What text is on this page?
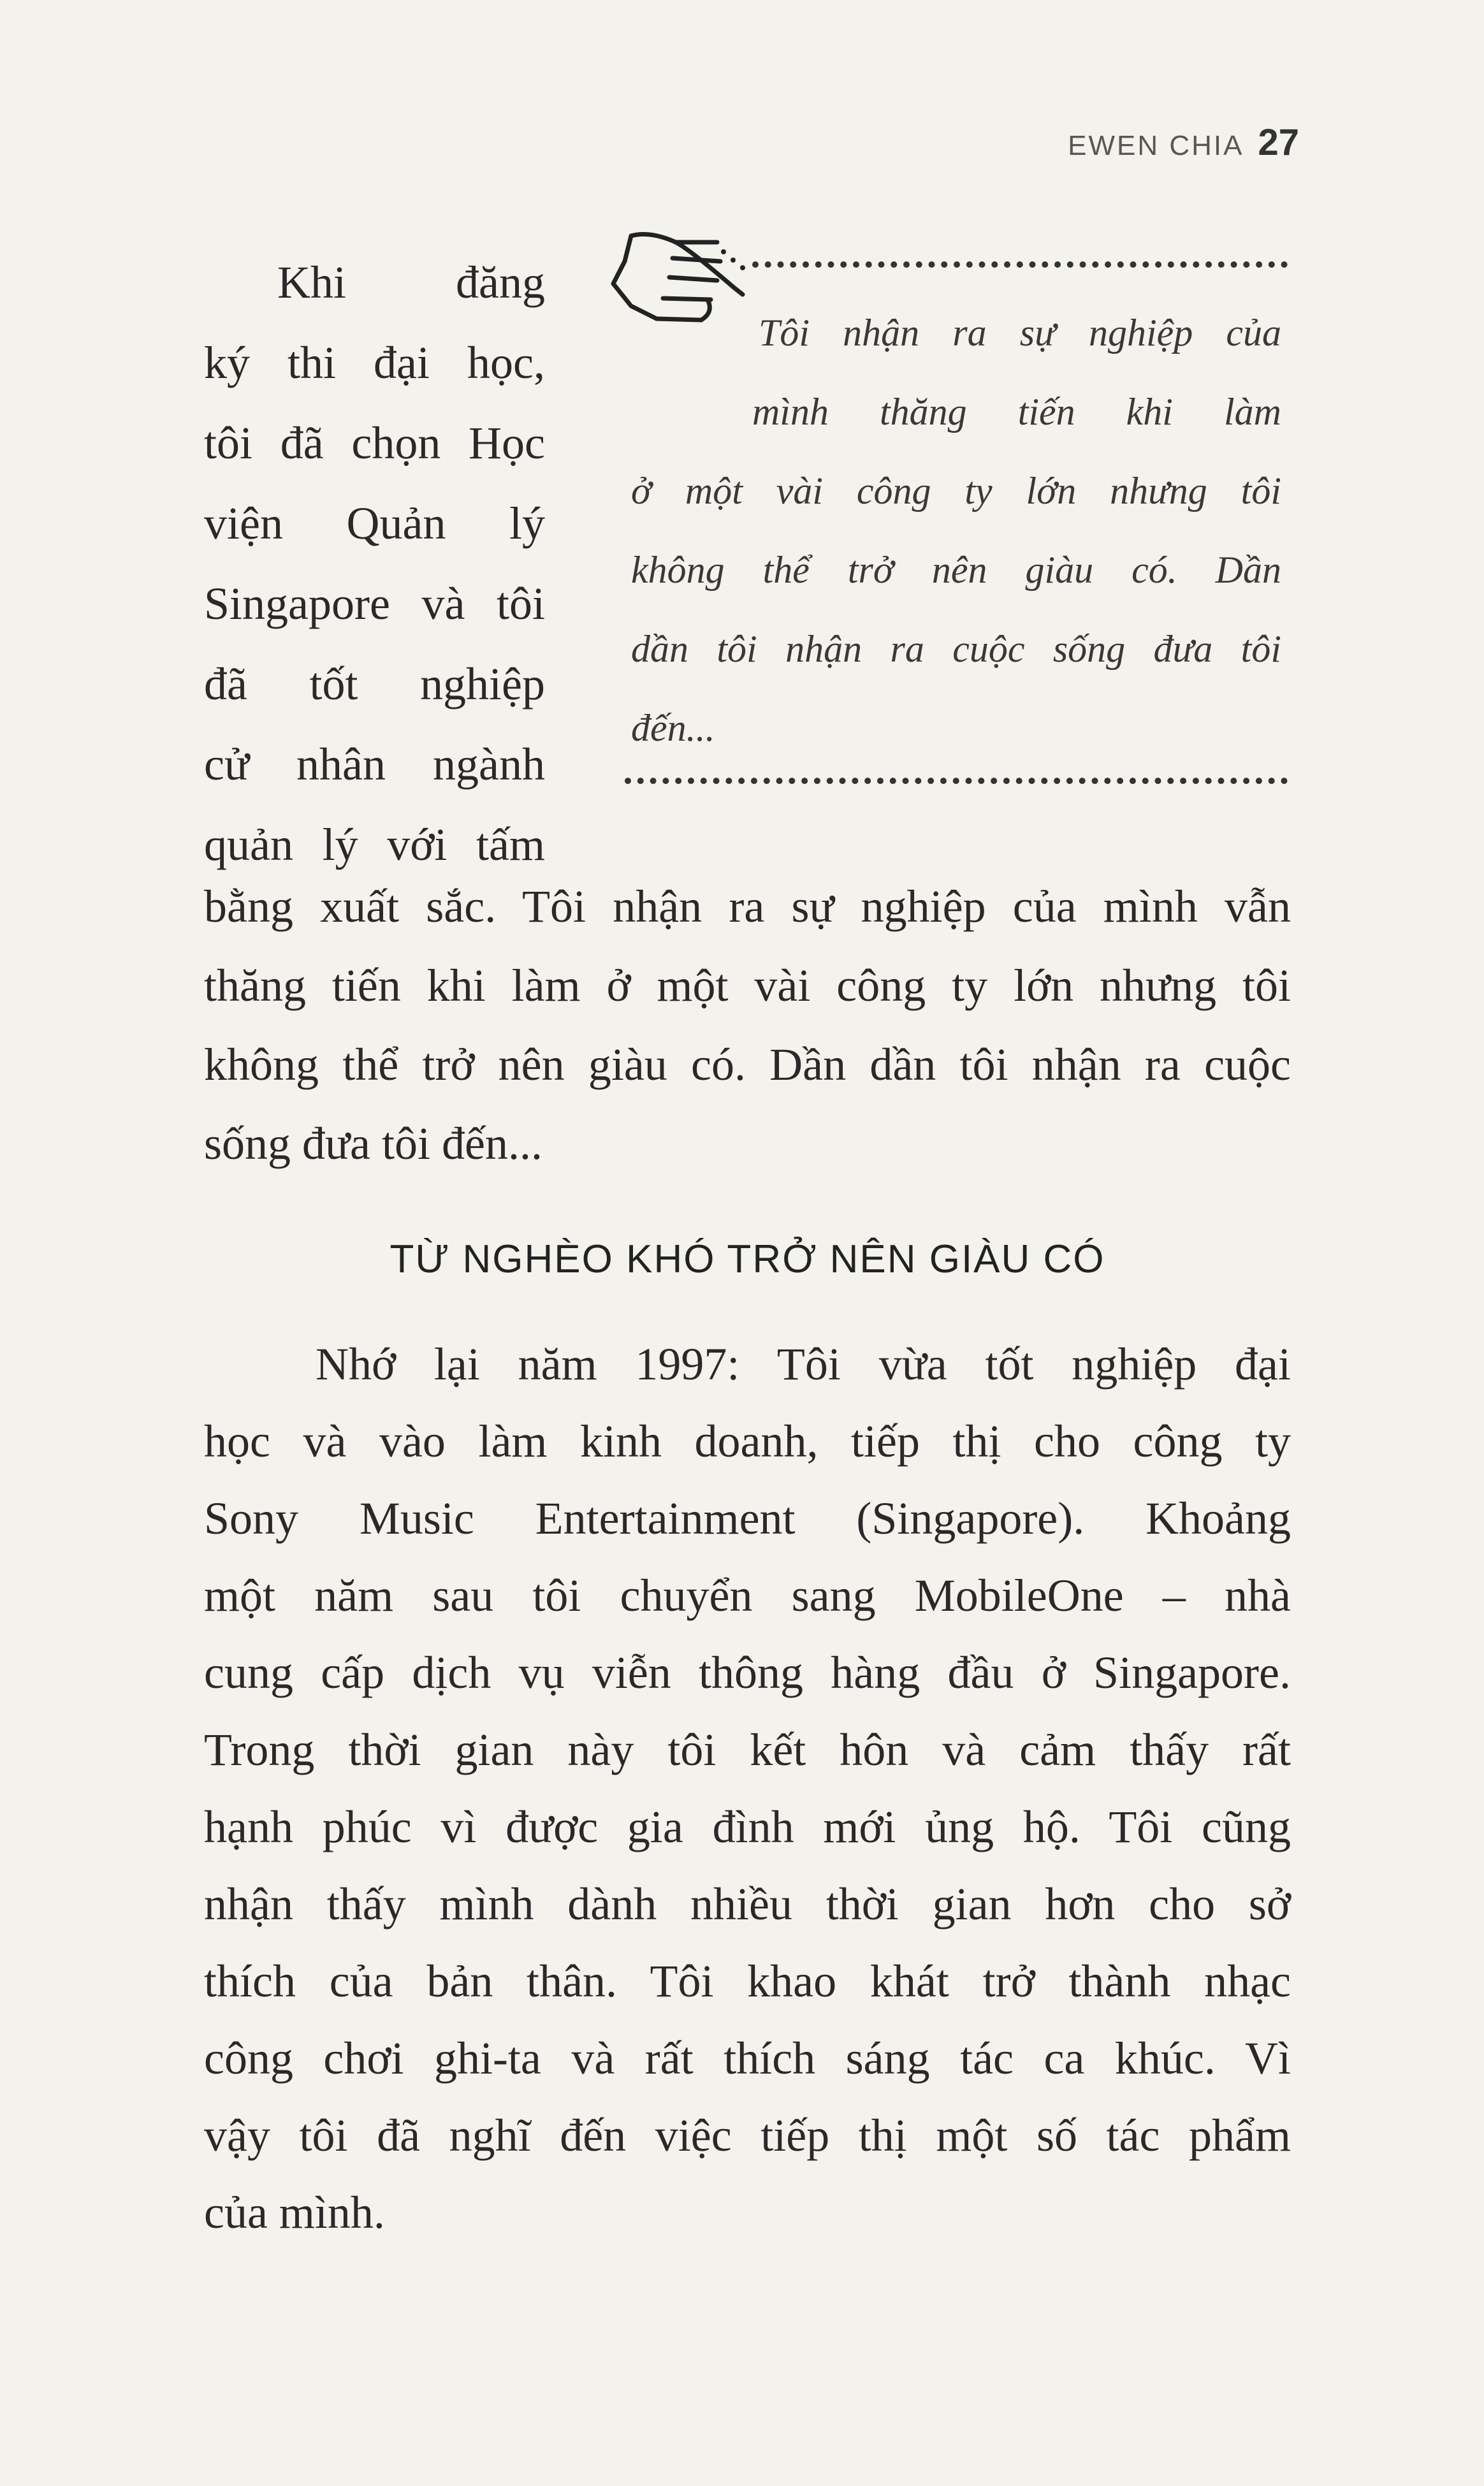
EWEN CHIA 27
Khi đăng
ký thi đại học,
tôi đã chọn Học
viện Quản lý
Singapore và tôi
đã tốt nghiệp
cử nhân ngành
quản lý với tấm
Tôi nhận ra sự nghiệp của
mình thăng tiến khi làm
ở một vài công ty lớn nhưng tôi
không thể trở nên giàu có. Dần
dần tôi nhận ra cuộc sống đưa tôi
đến...
bằng xuất sắc. Tôi nhận ra sự nghiệp của mình vẫn
thăng tiến khi làm ở một vài công ty lớn nhưng tôi
không thể trở nên giàu có. Dần dần tôi nhận ra cuộc
sống đưa tôi đến...
TỪ NGHÈO KHÓ TRỞ NÊN GIÀU CÓ
Nhớ lại năm 1997: Tôi vừa tốt nghiệp đại
học và vào làm kinh doanh, tiếp thị cho công ty
Sony Music Entertainment (Singapore). Khoảng
một năm sau tôi chuyển sang MobileOne – nhà
cung cấp dịch vụ viễn thông hàng đầu ở Singapore.
Trong thời gian này tôi kết hôn và cảm thấy rất
hạnh phúc vì được gia đình mới ủng hộ. Tôi cũng
nhận thấy mình dành nhiều thời gian hơn cho sở
thích của bản thân. Tôi khao khát trở thành nhạc
công chơi ghi-ta và rất thích sáng tác ca khúc. Vì
vậy tôi đã nghĩ đến việc tiếp thị một số tác phẩm
của mình.
